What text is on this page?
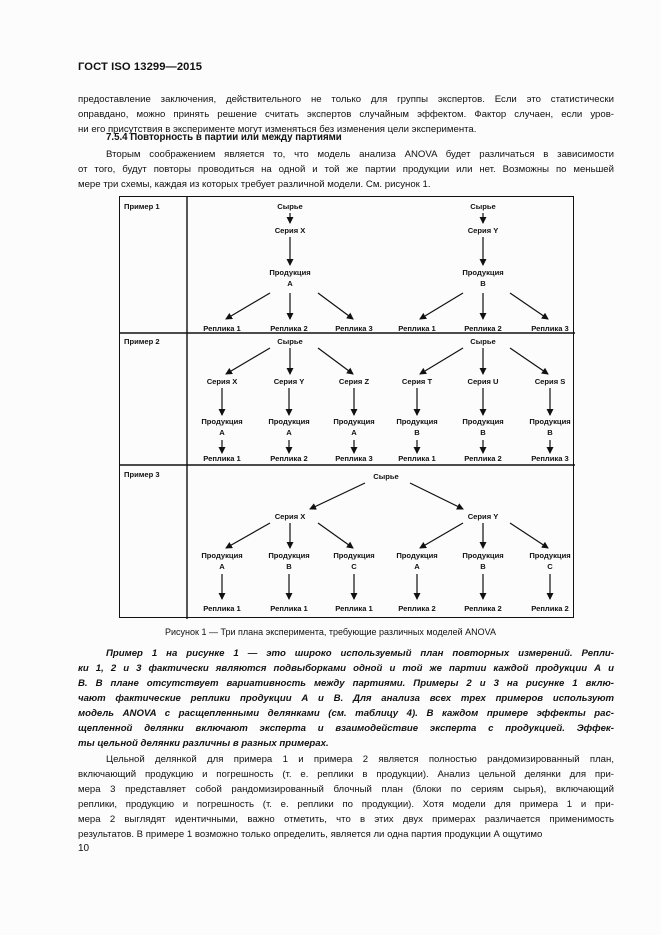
ГОСТ ISO 13299—2015
предоставление заключения, действительного не только для группы экспертов. Если это статистически
оправдано, можно принять решение считать экспертов случайным эффектом. Фактор случаен, если уров-
ни его присутствия в эксперименте могут изменяться без изменения цели эксперимента.
7.5.4 Повторность в партии или между партиями
Вторым соображением является то, что модель анализа ANOVA будет различаться в зависимости
от того, будут повторы проводиться на одной и той же партии продукции или нет. Возможны по меньшей
мере три схемы, каждая из которых требует различной модели. См. рисунок 1.
Пример 1	Сырье	Сырье
Серия X	Серия Y
Продукция
А
Продукция
В
Реплика 1	Реплика 2	Реплика 3	Реплика 1	Реплика 2	Реплика 3
Пример 2	Сырье	Сырье
Серия X	Серия Y	Серия Z	Серия T	Серия U	Серия S
Продукция
А
Продукция
А
Продукция
А
Продукция
В
Продукция
В
Продукция
В
Реплика 1	Реплика 2	Реплика 3	Реплика 1	Реплика 2	Реплика 3
Пример 3	Сырье
Серия X	Серия Y
Продукция
А
Продукция
В
Продукция
С
Продукция
А
Продукция
В
Продукция
С
Реплика 1	Реплика 1	Реплика 1	Реплика 2	Реплика 2	Реплика 2
Рисунок 1 — Три плана эксперимента, требующие различных моделей ANOVA
Пример 1 на рисунке 1 — это широко используемый план повторных измерений. Репли-
ки 1, 2 и 3 фактически являются подвыборками одной и той же партии каждой продукции А и
В. В плане отсутствует вариативность между партиями. Примеры 2 и 3 на рисунке 1 вклю-
чают фактические реплики продукции А и В. Для анализа всех трех примеров используют
модель ANOVA с расщепленными делянками (см. таблицу 4). В каждом примере эффекты рас-
щепленной делянки включают эксперта и взаимодействие эксперта с продукцией. Эффек-
ты цельной делянки различны в разных примерах.
Цельной делянкой для примера 1 и примера 2 является полностью рандомизированный план,
включающий продукцию и погрешность (т. е. реплики в продукции). Анализ цельной делянки для при-
мера 3 представляет собой рандомизированный блочный план (блоки по сериям сырья), включающий
реплики, продукцию и погрешность (т. е. реплики по продукции). Хотя модели для примера 1 и при-
мера 2 выглядят идентичными, важно отметить, что в этих двух примерах различается применимость
результатов. В примере 1 возможно только определить, является ли одна партия продукции А ощутимо
10
